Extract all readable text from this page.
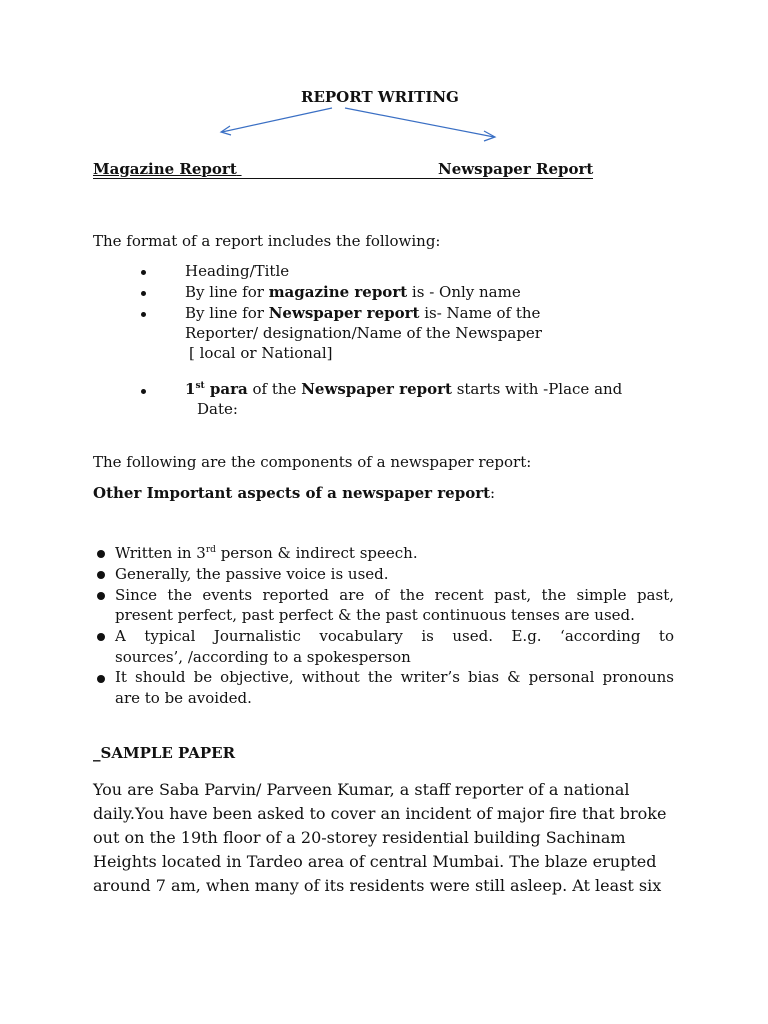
REPORT WRITING
Magazine Report	Newspaper Report
The format of a report includes the following:
Heading/Title
By line for magazine report is - Only name
By line for Newspaper report is- Name of the
Reporter/ designation/Name of the Newspaper
[ local or National]
1st para of the Newspaper report starts with -Place and
Date:
The following are the components of a newspaper report:
Other Important aspects of a newspaper report:
Written in 3rd person & indirect speech.
Generally, the passive voice is used.
Since the events reported are of the recent past, the simple past,
present perfect, past perfect & the past continuous tenses are used.
A typical Journalistic vocabulary is used. E.g. ‘according to
sources’, /according to a spokesperson
It should be objective, without the writer’s bias & personal pronouns
are to be avoided.
_SAMPLE PAPER
You are Saba Parvin/ Parveen Kumar, a staff reporter of a national
daily.You have been asked to cover an incident of major fire that broke
out on the 19th floor of a 20-storey residential building Sachinam
Heights located in Tardeo area of central Mumbai. The blaze erupted
around 7 am, when many of its residents were still asleep. At least six
